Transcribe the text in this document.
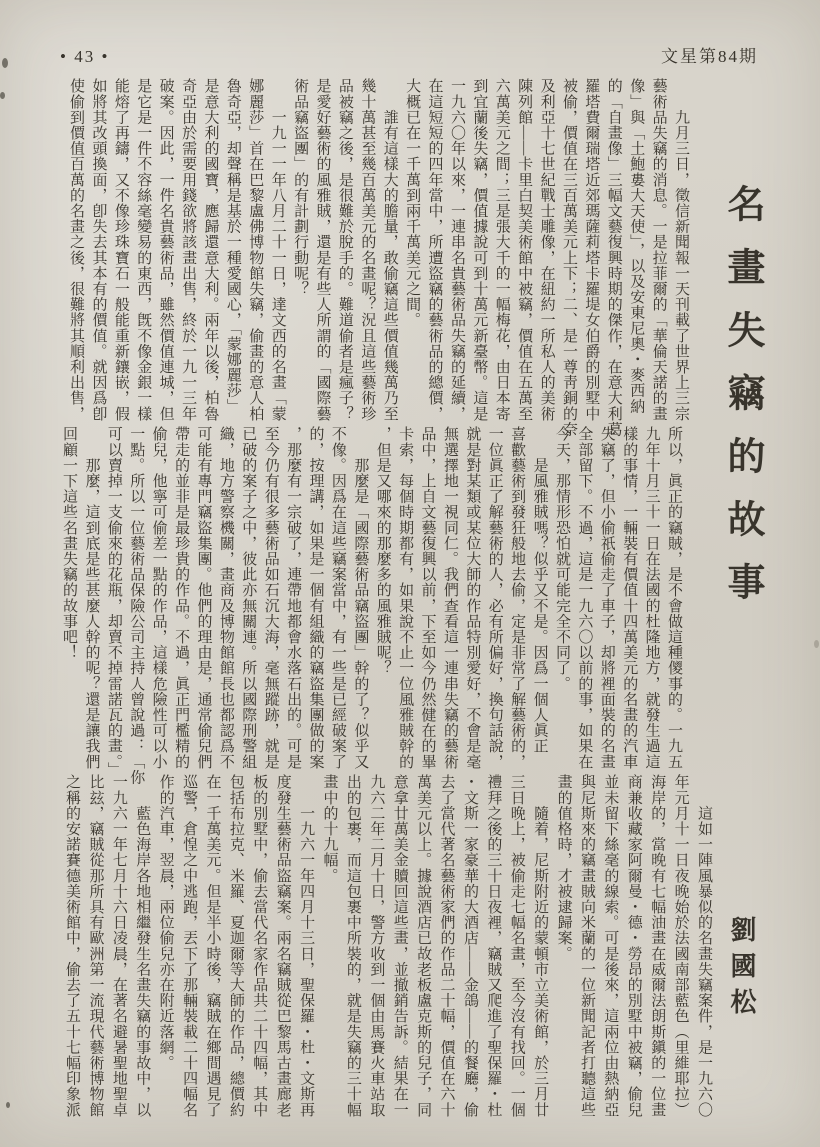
• 43 •	文星第84期
名畫失竊的故事
劉國松
　　九月三日，徵信新聞報一天刊載了世界上三宗
藝術品失竊的消息。一是拉菲爾的「華倫天諾的畫
像」與「土鮑婁大天使」，以及安東尼奧・麥西納
的「自畫像」三幅文藝復興時期的傑作，在意大利葛
羅塔費爾瑞塔近郊瑪薩莉塔卡羅堤女伯爵的別墅中
被偷，價值在三百萬美元上下；二、是一尊靑銅的奈
及利亞十七世紀戰士雕像，在紐約一所私人的美術
陳列館——卡里白契美術館中被竊，價值在五萬至
六萬美元之間；三是張大千的一幅梅花，由日本寄
到宜蘭後失竊，價值據說可到十萬元新臺幣。這是
一九六〇年以來，一連串名貴藝術品失竊的延續，
在這短短的四年當中，所遭盜竊的藝術品的總價，
大概已在一千萬到兩千萬美元之間。
　　誰有這樣大的膽量，敢偷竊這些價值幾萬乃至
幾十萬甚至幾百萬美元的名畫呢？況且這些藝術珍
品被竊之後，是很難於脫手的。難道偷者是瘋子？
是愛好藝術的風雅賊，還是有些人所謂的「國際藝
術品竊盜團」的有計劃行動呢？
　　一九一一年八月二十一日，達文西的名畫「蒙
娜麗莎」首在巴黎盧佛博物館失竊，偷畫的意人柏
魯奇亞，却聲稱是基於一種愛國心，「蒙娜麗莎」
是意大利的國寶，應歸還意大利。兩年以後，柏魯
奇亞由於需要用錢欲將該畫出售，終於一九一三年
破案。因此，一件名貴藝術品，雖然價值連城，但
是它是一件不容絲毫變易的東西，旣不像金銀一樣
能熔了再鑄，又不像珍珠寶石一般能重新鑲嵌，假
如將其改頭換面，卽失去其本有的價值。就因爲卽
使偷到價值百萬的名畫之後，很難將其順利出售，
所以，眞正的竊賊，是不會做這種儍事的。一九五
九年十月三十一日在法國的杜隆地方，就發生過這
樣的事情，一輛裝有價值十四萬美元的名畫的汽車
失竊了，但小偷祇偷走了車子，却將裡面裝的名畫
全部留下。不過，這是一九六〇以前的事，如果在
今天，那情形恐怕就可能完全不同了。
　　是風雅賊嗎？似乎又不是。因爲一個人眞正
喜歡藝術到發狂般地去偷，定是非常了解藝術的，
一位眞正了解藝術的人，必有所偏好，換句話說，
就是對某類或某位大師的作品特別愛好，不會是毫
無選擇地一視同仁。我們查看這一連串失竊的藝術
品中，上自文藝復興以前，下至如今仍然健在的畢
卡索，每個時期都有，如果說不止一位風雅賊幹的
，但是又哪來的那麼多的風雅賊呢？
　　那麼是「國際藝術品竊盜團」幹的了？似乎又
不像。因爲在這些竊案當中，有一些是已經破案了
的，按理講，如果是一個有組織的竊盜集團做的案
，那麼有一宗破了，連帶地都會水落石出的。可是
至今仍有很多藝術品如石沉大海，毫無蹤跡，就是
已破的案子之中，彼此亦無關連。所以國際刑警組
織，地方警察機關，畫商及博物館館長也都認爲不
可能有專門竊盜集團。他們的理由是，通常偷兒們
帶走的並非是最珍貴的作品。不過，眞正門檻精的
偷兒，他寧可偷差一點的作品，這樣危險性可以小
一點。所以一位藝術品保險公司主持人曾說過：「你
可以賣掉一支偷來的花瓶，却賣不掉雷諾瓦的畫。」
　　那麼，這到底是些甚麼人幹的呢？還是讓我們
回顧一下這些名畫失竊的故事吧！
　　這如一陣風暴似的名畫失竊案件，是一九六〇
年元月十一日夜晚始於法國南部藍色（里維耶拉）
海岸的，當晚有七幅油畫在威爾法朗斯鎭的一位畫
商兼收藏家阿爾曼・德・勞昂的別墅中被竊，偷兒
並未留下絲毫的線索。可是後來，這兩位由熱納亞
與尼斯來的竊畫賊向米蘭的一位新聞記者打聽這些
畫的值格時，才被逮歸案。
　　隨着，尼斯附近的蒙頓市立美術館，於三月廿
三日晚上，被偷走七幅名畫，至今沒有找回。一個
禮拜之後的三十日夜裡，竊賊又爬進了聖保羅・杜
・文斯一家豪華的大酒店——金鴿——的餐廳，偷
去了當代著名藝術家們的作品二十幅，價值在六十
萬美元以上。據說酒店已故老板盧克斯的兒子，同
意拿廿萬美金贖回這些畫，並撤銷告訴。結果在一
九六二年二月十日，警方收到一個由馬賽火車站取
出的包裹，而這包裹中所裝的，就是失竊的三十幅
畫中的十九幅。
　　一九六一年四月十三日，聖保羅・杜・文斯再
度發生藝術品盜竊案。兩名竊賊從巴黎馬古畫廊老
板的別墅中，偷去當代名家作品共二十四幅，其中
包括布拉克、米羅、夏迦爾等大師的作品，總價約
在一千萬美元。但是半小時後，竊賊在鄉間遇見了
巡警，倉惶之中逃跑，丟下了那輛裝載二十四幅名
作的汽車，翌晨，兩位偷兒亦在附近落網。
　　藍色海岸各地相繼發生名畫失竊的事故中，以
一九六一年七月十六日凌晨，在著名避暑聖地聖卓
比玆，竊賊從那所具有歐洲第一流現代藝術博物館
之稱的安諾賽德美術館中，偷去了五十七幅印象派
